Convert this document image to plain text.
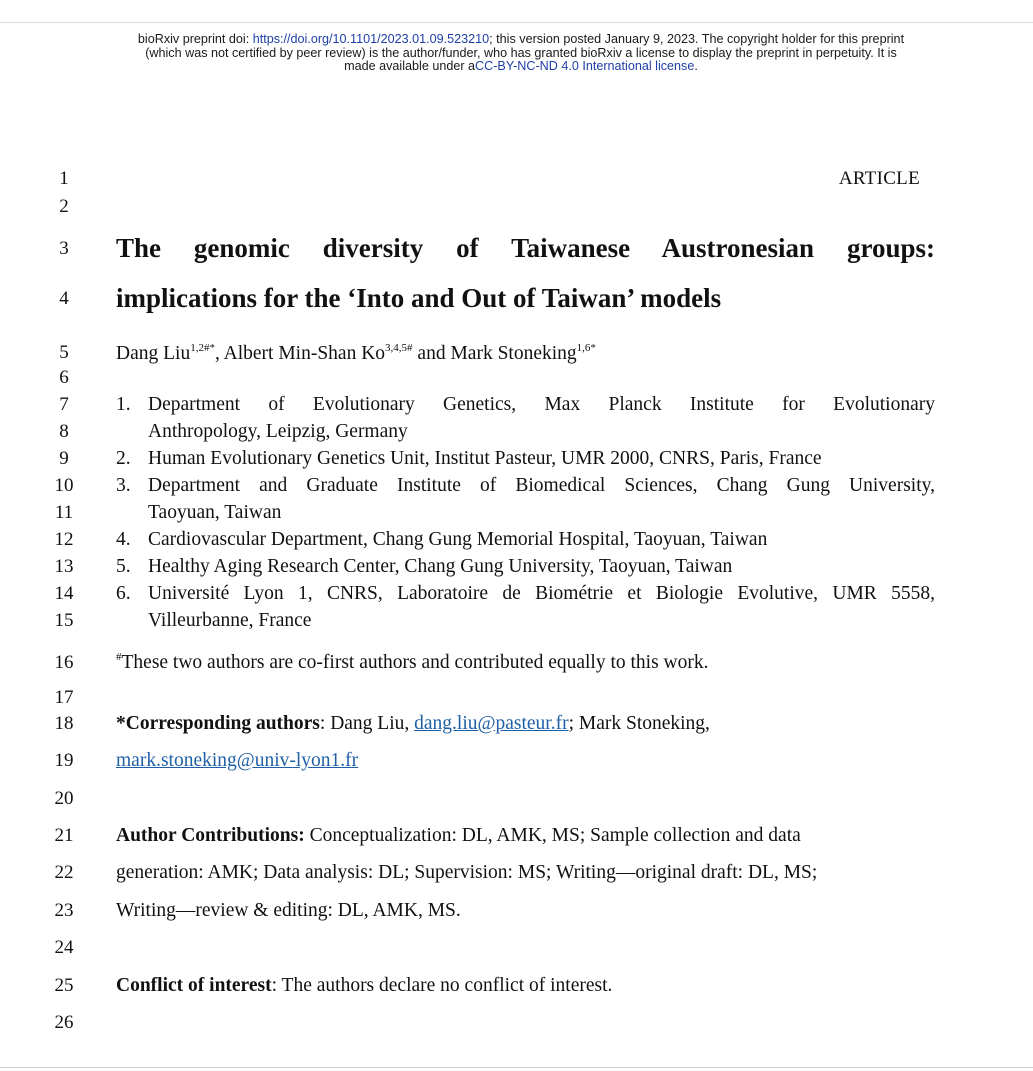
bioRxiv preprint doi: https://doi.org/10.1101/2023.01.09.523210; this version posted January 9, 2023. The copyright holder for this preprint
(which was not certified by peer review) is the author/funder, who has granted bioRxiv a license to display the preprint in perpetuity. It is
made available under aCC-BY-NC-ND 4.0 International license.
1
2
3
4
5
6
7
8
9
10
11
12
13
14
15
16
17
18
19
20
21
22
23
24
25
26
ARTICLE
The genomic diversity of Taiwanese Austronesian groups:
implications for the ‘Into and Out of Taiwan’ models
Dang Liu$^{1,2\#*}$, Albert Min-Shan $Ko^{3,4,5\#}$ and Mark Stoneking$^{1,6*}$
1. Department of Evolutionary Genetics, Max Planck Institute for Evolutionary
Anthropology, Leipzig, Germany
2. Human Evolutionary Genetics Unit, Institut Pasteur, UMR 2000, CNRS, Paris, France
3. Department and Graduate Institute of Biomedical Sciences, Chang Gung University,
Taoyuan, Taiwan
4. Cardiovascular Department, Chang Gung Memorial Hospital, Taoyuan, Taiwan
5. Healthy Aging Research Center, Chang Gung University, Taoyuan, Taiwan
6. Université Lyon 1, CNRS, Laboratoire de Biométrie et Biologie Evolutive, UMR 5558,
Villeurbanne, France
#These two authors are co-first authors and contributed equally to this work.
*Corresponding authors: Dang Liu, dang.liu@pasteur.fr; Mark Stoneking,
mark.stoneking@univ-lyon1.fr
Author Contributions: Conceptualization: DL, AMK, MS; Sample collection and data
generation: AMK; Data analysis: DL; Supervision: MS; Writing—original draft: DL, MS;
Writing—review & editing: DL, AMK, MS.
Conflict of interest: The authors declare no conflict of interest.
